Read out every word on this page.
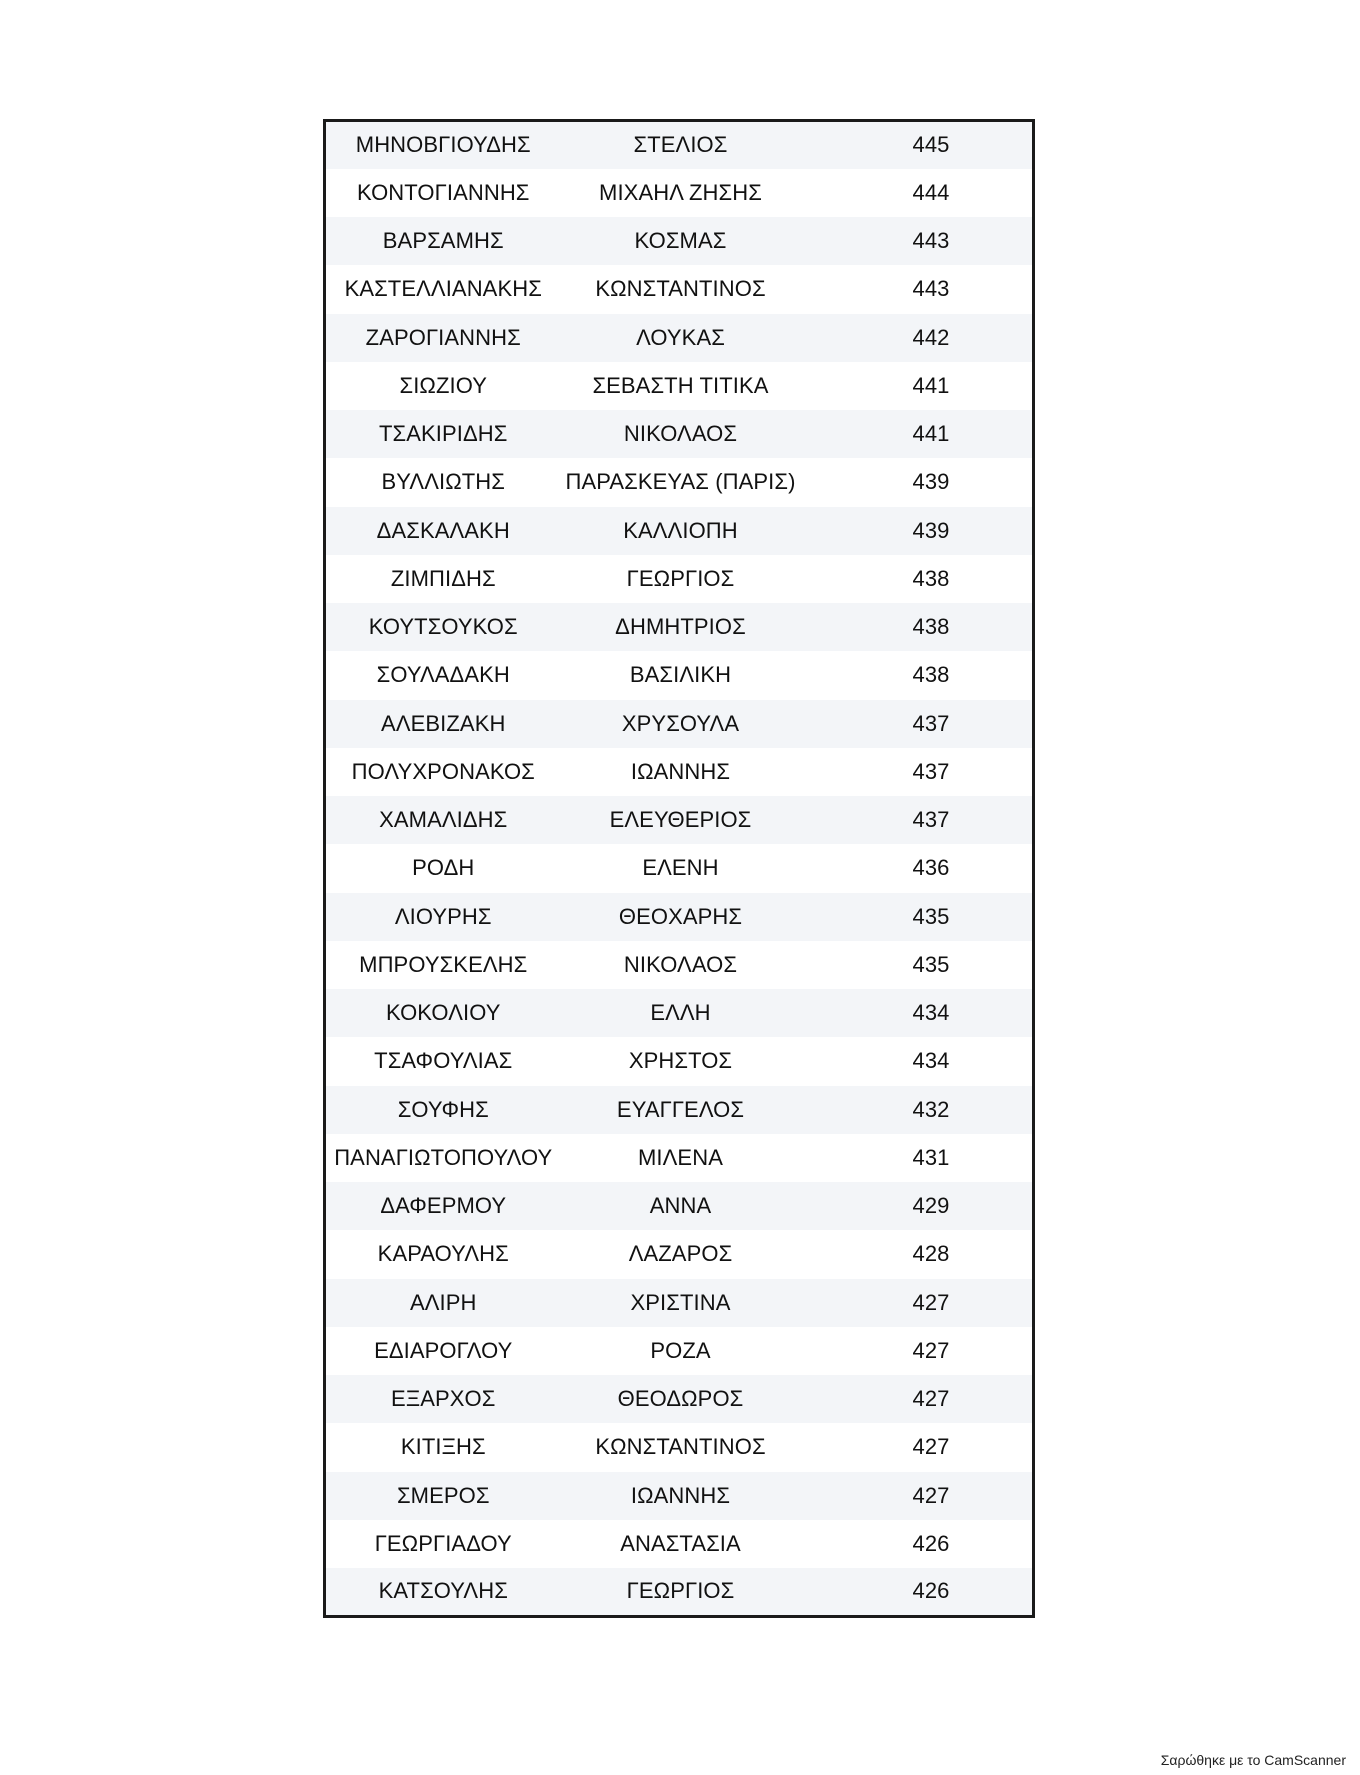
ΜΗΝΟΒΓΙΟΥΔΗΣ	ΣΤΕΛΙΟΣ	445
ΚΟΝΤΟΓΙΑΝΝΗΣ	ΜΙΧΑΗΛ ΖΗΣΗΣ	444
ΒΑΡΣΑΜΗΣ	ΚΟΣΜΑΣ	443
ΚΑΣΤΕΛΛΙΑΝΑΚΗΣ	ΚΩΝΣΤΑΝΤΙΝΟΣ	443
ΖΑΡΟΓΙΑΝΝΗΣ	ΛΟΥΚΑΣ	442
ΣΙΩΖΙΟΥ	ΣΕΒΑΣΤΗ ΤΙΤΙΚΑ	441
ΤΣΑΚΙΡΙΔΗΣ	ΝΙΚΟΛΑΟΣ	441
ΒΥΛΛΙΩΤΗΣ	ΠΑΡΑΣΚΕΥΑΣ (ΠΑΡΙΣ)	439
ΔΑΣΚΑΛΑΚΗ	ΚΑΛΛΙΟΠΗ	439
ΖΙΜΠΙΔΗΣ	ΓΕΩΡΓΙΟΣ	438
ΚΟΥΤΣΟΥΚΟΣ	ΔΗΜΗΤΡΙΟΣ	438
ΣΟΥΛΑΔΑΚΗ	ΒΑΣΙΛΙΚΗ	438
ΑΛΕΒΙΖΑΚΗ	ΧΡΥΣΟΥΛΑ	437
ΠΟΛΥΧΡΟΝΑΚΟΣ	ΙΩΑΝΝΗΣ	437
ΧΑΜΑΛΙΔΗΣ	ΕΛΕΥΘΕΡΙΟΣ	437
ΡΟΔΗ	ΕΛΕΝΗ	436
ΛΙΟΥΡΗΣ	ΘΕΟΧΑΡΗΣ	435
ΜΠΡΟΥΣΚΕΛΗΣ	ΝΙΚΟΛΑΟΣ	435
ΚΟΚΟΛΙΟΥ	ΕΛΛΗ	434
ΤΣΑΦΟΥΛΙΑΣ	ΧΡΗΣΤΟΣ	434
ΣΟΥΦΗΣ	ΕΥΑΓΓΕΛΟΣ	432
ΠΑΝΑΓΙΩΤΟΠΟΥΛΟΥ	ΜΙΛΕΝΑ	431
ΔΑΦΕΡΜΟΥ	ΑΝΝΑ	429
ΚΑΡΑΟΥΛΗΣ	ΛΑΖΑΡΟΣ	428
ΑΛΙΡΗ	ΧΡΙΣΤΙΝΑ	427
ΕΔΙΑΡΟΓΛΟΥ	ΡΟΖΑ	427
ΕΞΑΡΧΟΣ	ΘΕΟΔΩΡΟΣ	427
ΚΙΤΙΞΗΣ	ΚΩΝΣΤΑΝΤΙΝΟΣ	427
ΣΜΕΡΟΣ	ΙΩΑΝΝΗΣ	427
ΓΕΩΡΓΙΑΔΟΥ	ΑΝΑΣΤΑΣΙΑ	426
ΚΑΤΣΟΥΛΗΣ	ΓΕΩΡΓΙΟΣ	426
Σαρώθηκε με το CamScanner
